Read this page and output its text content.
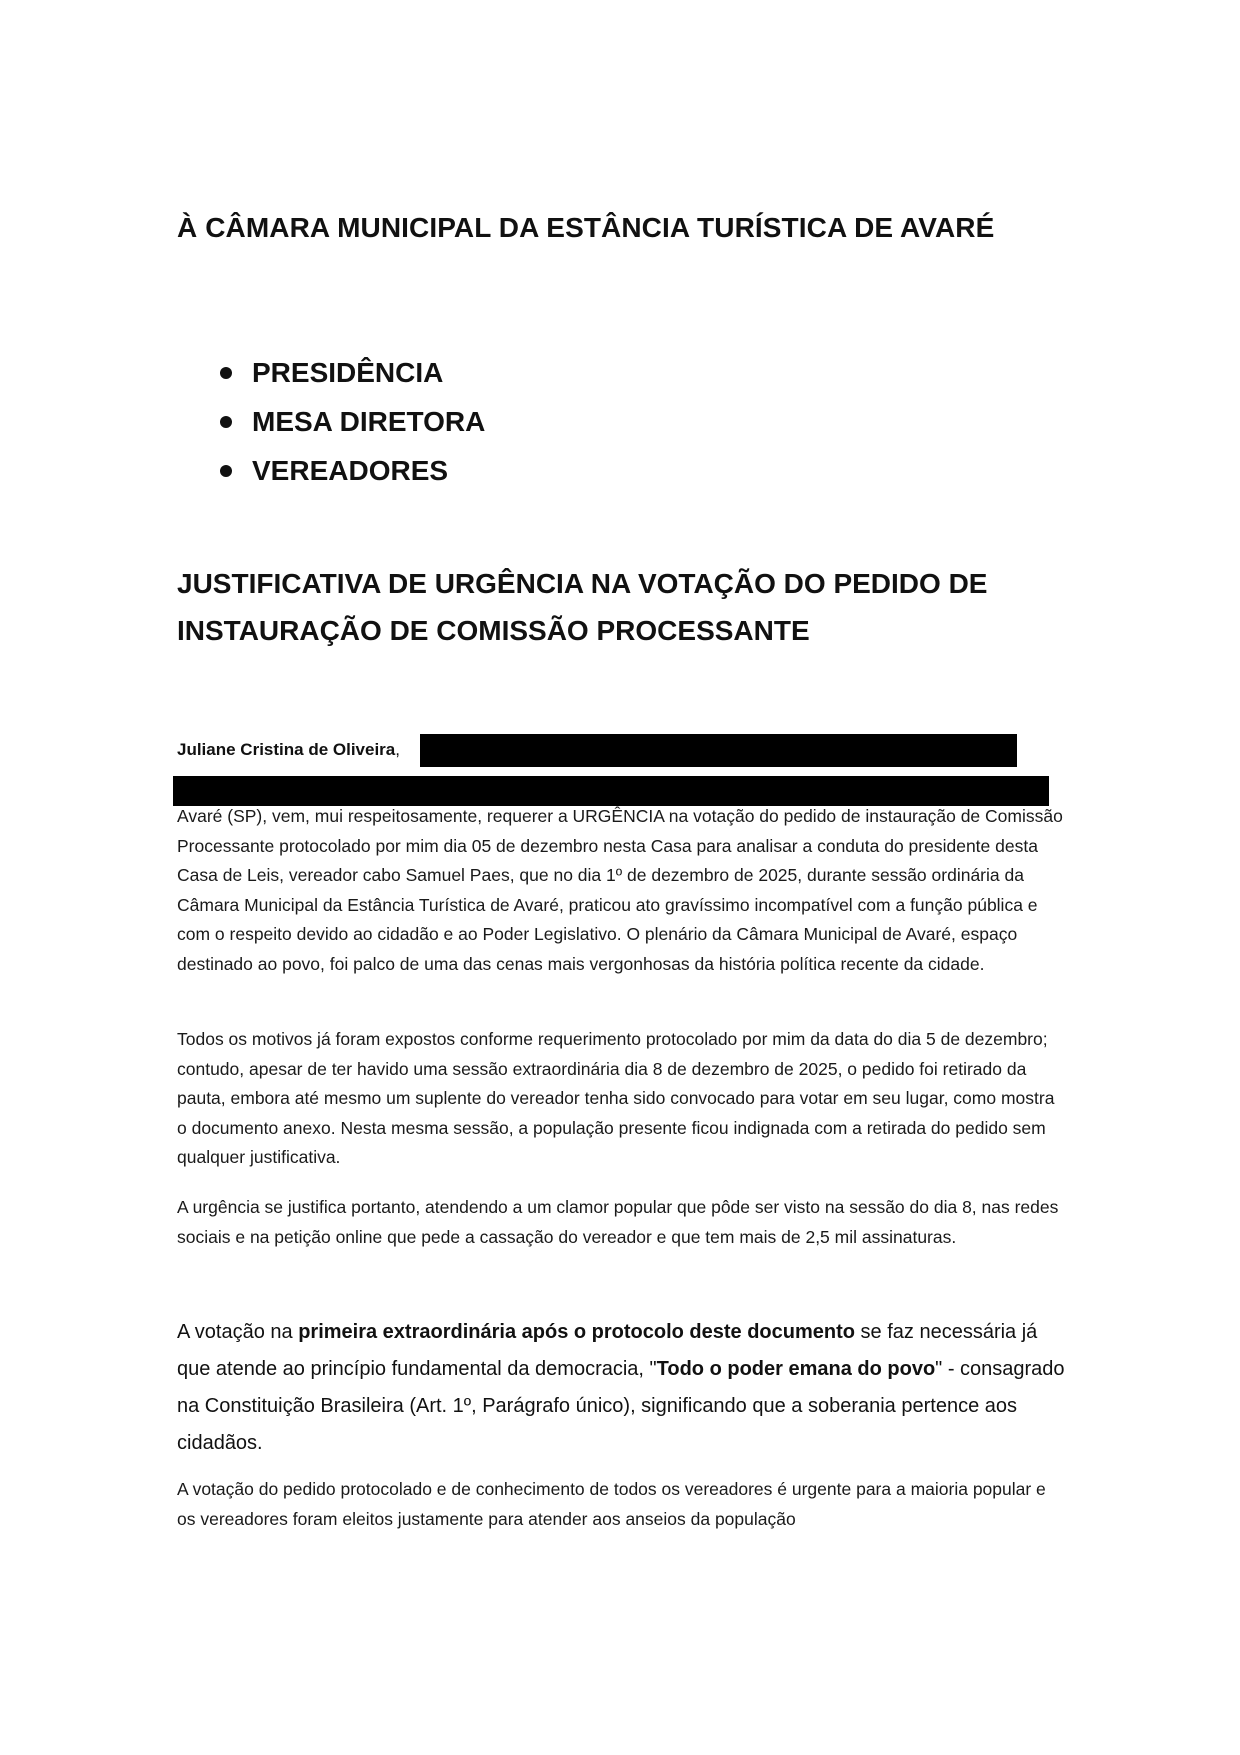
À CÂMARA MUNICIPAL DA ESTÂNCIA TURÍSTICA DE AVARÉ
PRESIDÊNCIA
MESA DIRETORA
VEREADORES
JUSTIFICATIVA DE URGÊNCIA NA VOTAÇÃO DO PEDIDO DE INSTAURAÇÃO DE COMISSÃO PROCESSANTE
Juliane Cristina de Oliveira,

Avaré (SP), vem, mui respeitosamente, requerer a URGÊNCIA na votação do pedido de instauração de Comissão Processante protocolado por mim dia 05 de dezembro nesta Casa para analisar a conduta do presidente desta Casa de Leis, vereador cabo Samuel Paes, que no dia 1º de dezembro de 2025, durante sessão ordinária da Câmara Municipal da Estância Turística de Avaré, praticou ato gravíssimo incompatível com a função pública e com o respeito devido ao cidadão e ao Poder Legislativo. O plenário da Câmara Municipal de Avaré, espaço destinado ao povo, foi palco de uma das cenas mais vergonhosas da história política recente da cidade.

Todos os motivos já foram expostos conforme requerimento protocolado por mim da data do dia 5 de dezembro; contudo, apesar de ter havido uma sessão extraordinária dia 8 de dezembro de 2025, o pedido foi retirado da pauta, embora até mesmo um suplente do vereador tenha sido convocado para votar em seu lugar, como mostra o documento anexo. Nesta mesma sessão, a população presente ficou indignada com a retirada do pedido sem qualquer justificativa.

A urgência se justifica portanto, atendendo a um clamor popular que pôde ser visto na sessão do dia 8, nas redes sociais e na petição online que pede a cassação do vereador e que tem mais de 2,5 mil assinaturas.

A votação na primeira extraordinária após o protocolo deste documento se faz necessária já que atende ao princípio fundamental da democracia, "Todo o poder emana do povo" - consagrado na Constituição Brasileira (Art. 1º, Parágrafo único), significando que a soberania pertence aos cidadãos.

A votação do pedido protocolado e de conhecimento de todos os vereadores é urgente para a maioria popular e os vereadores foram eleitos justamente para atender aos anseios da população
